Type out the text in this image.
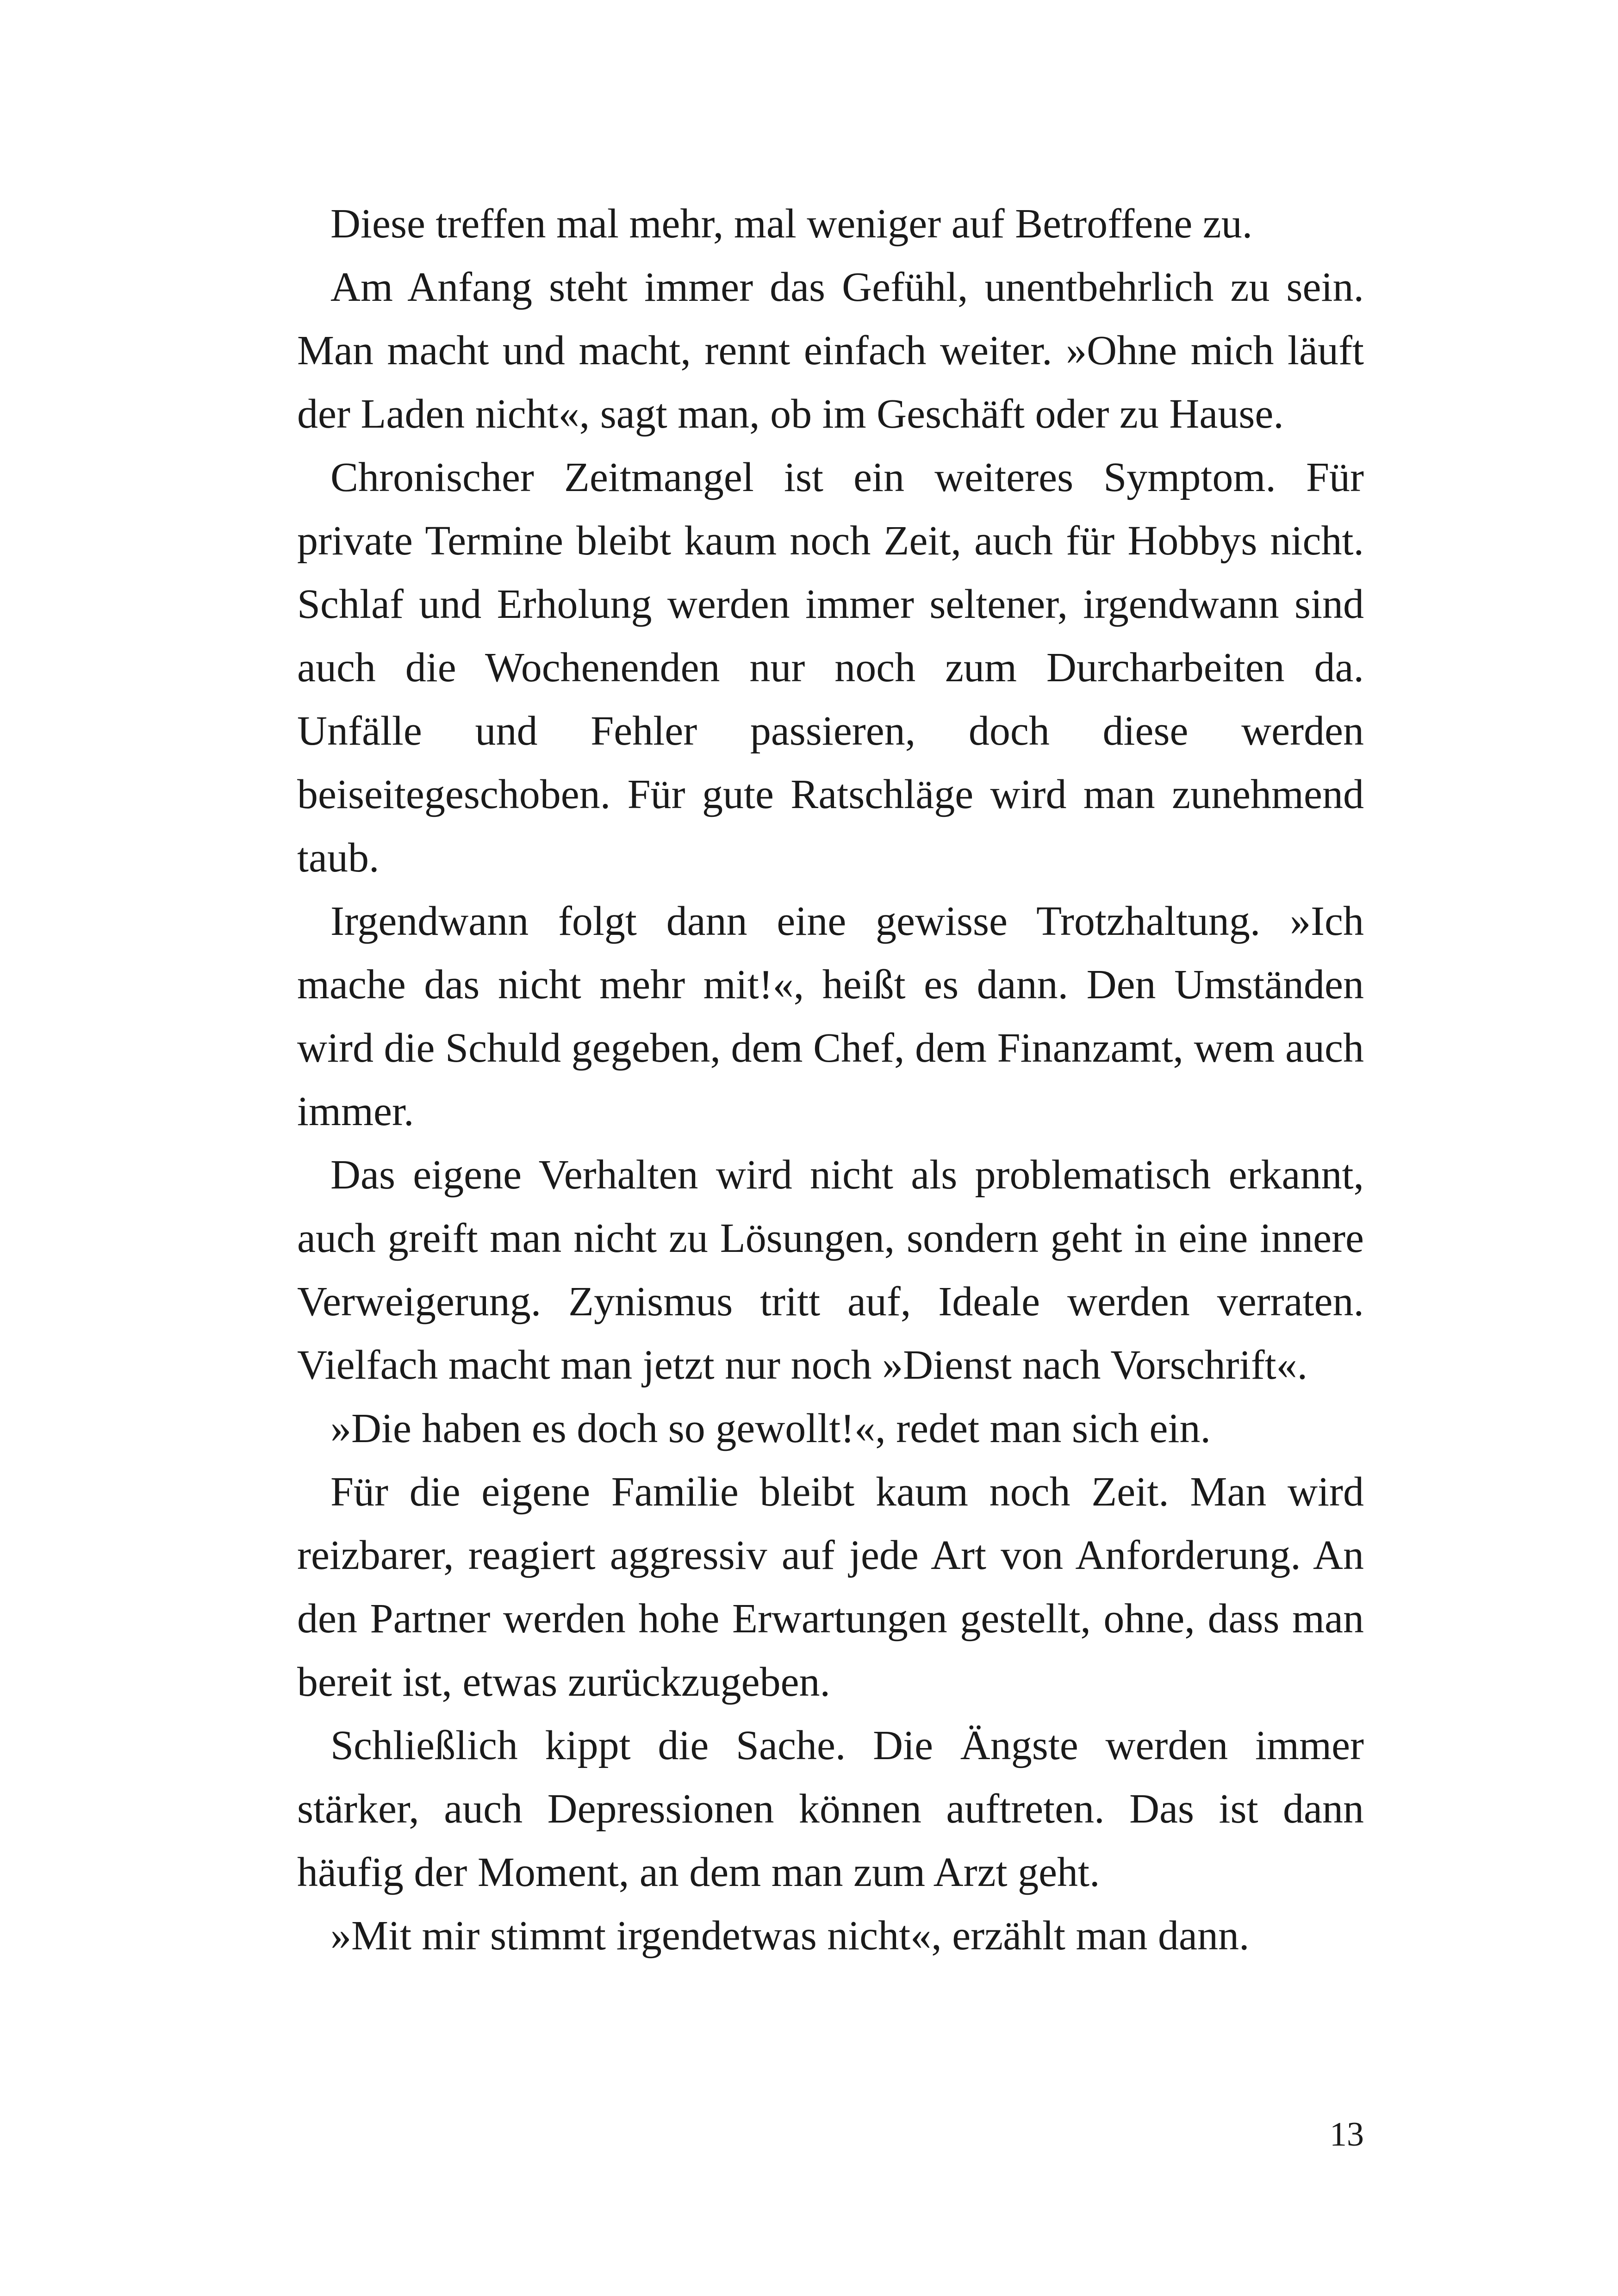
Diese treffen mal mehr, mal weniger auf Betroffene zu.

Am Anfang steht immer das Gefühl, unentbehrlich zu sein. Man macht und macht, rennt einfach weiter. »Ohne mich läuft der Laden nicht«, sagt man, ob im Geschäft oder zu Hause.

Chronischer Zeitmangel ist ein weiteres Symptom. Für private Termine bleibt kaum noch Zeit, auch für Hobbys nicht. Schlaf und Erholung werden immer seltener, irgendwann sind auch die Wochenenden nur noch zum Durcharbeiten da. Unfälle und Fehler passieren, doch diese werden beiseitegeschoben. Für gute Ratschläge wird man zunehmend taub.

Irgendwann folgt dann eine gewisse Trotzhaltung. »Ich mache das nicht mehr mit!«, heißt es dann. Den Umständen wird die Schuld gegeben, dem Chef, dem Finanzamt, wem auch immer.

Das eigene Verhalten wird nicht als problematisch erkannt, auch greift man nicht zu Lösungen, sondern geht in eine innere Verweigerung. Zynismus tritt auf, Ideale werden verraten. Vielfach macht man jetzt nur noch »Dienst nach Vorschrift«.

»Die haben es doch so gewollt!«, redet man sich ein.

Für die eigene Familie bleibt kaum noch Zeit. Man wird reizbarer, reagiert aggressiv auf jede Art von Anforderung. An den Partner werden hohe Erwartungen gestellt, ohne, dass man bereit ist, etwas zurückzugeben.

Schließlich kippt die Sache. Die Ängste werden immer stärker, auch Depressionen können auftreten. Das ist dann häufig der Moment, an dem man zum Arzt geht.

»Mit mir stimmt irgendetwas nicht«, erzählt man dann.

13
